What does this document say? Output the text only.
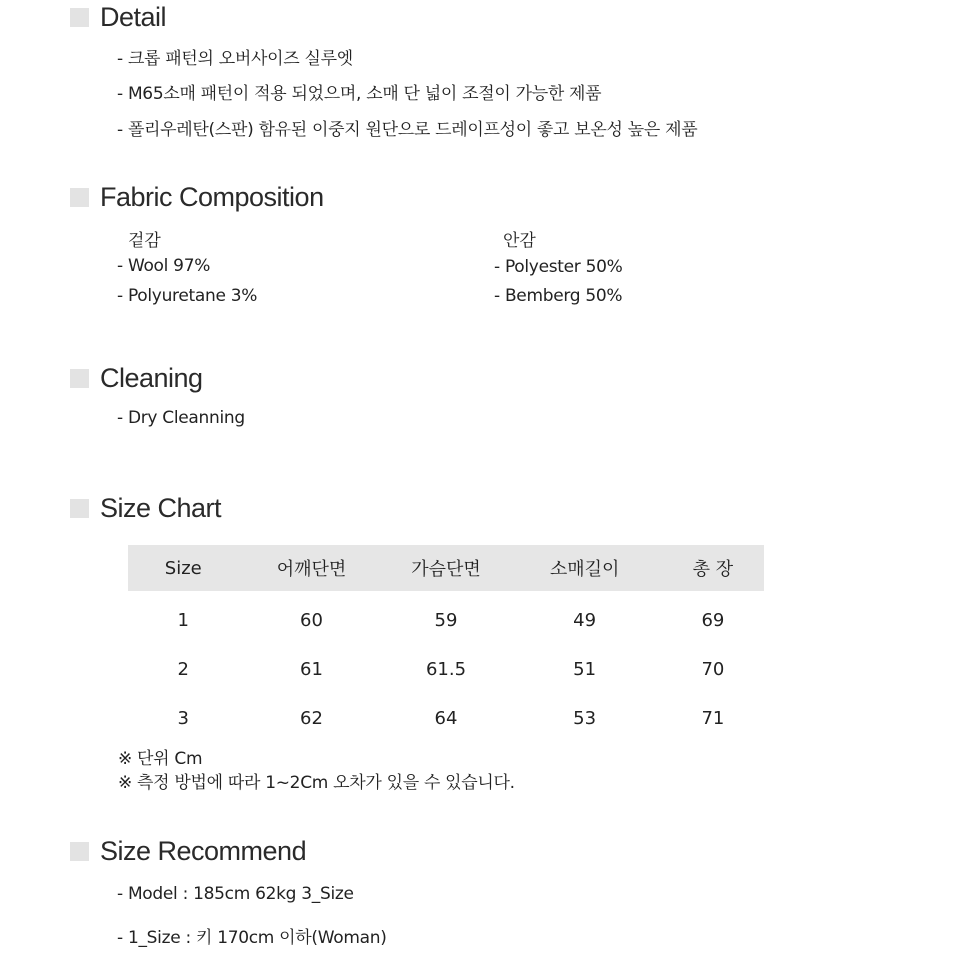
Detail
- 크롭 패턴의 오버사이즈 실루엣
- M65소매 패턴이 적용 되었으며, 소매 단 넓이 조절이 가능한 제품
- 폴리우레탄(스판) 함유된 이중지 원단으로 드레이프성이 좋고 보온성 높은 제품
Fabric Composition
겉감
- Wool 97%
- Polyuretane 3%
안감
- Polyester 50%
- Bemberg 50%
Cleaning
- Dry Cleanning
Size Chart
Size	어깨단면	가슴단면	소매길이	총 장
1	60	59	49	69
2	61	61.5	51	70
3	62	64	53	71
※ 단위 Cm
※ 측정 방법에 따라 1~2Cm 오차가 있을 수 있습니다.
Size Recommend
- Model : 185cm 62kg 3_Size
- 1_Size : 키 170cm 이하(Woman)
